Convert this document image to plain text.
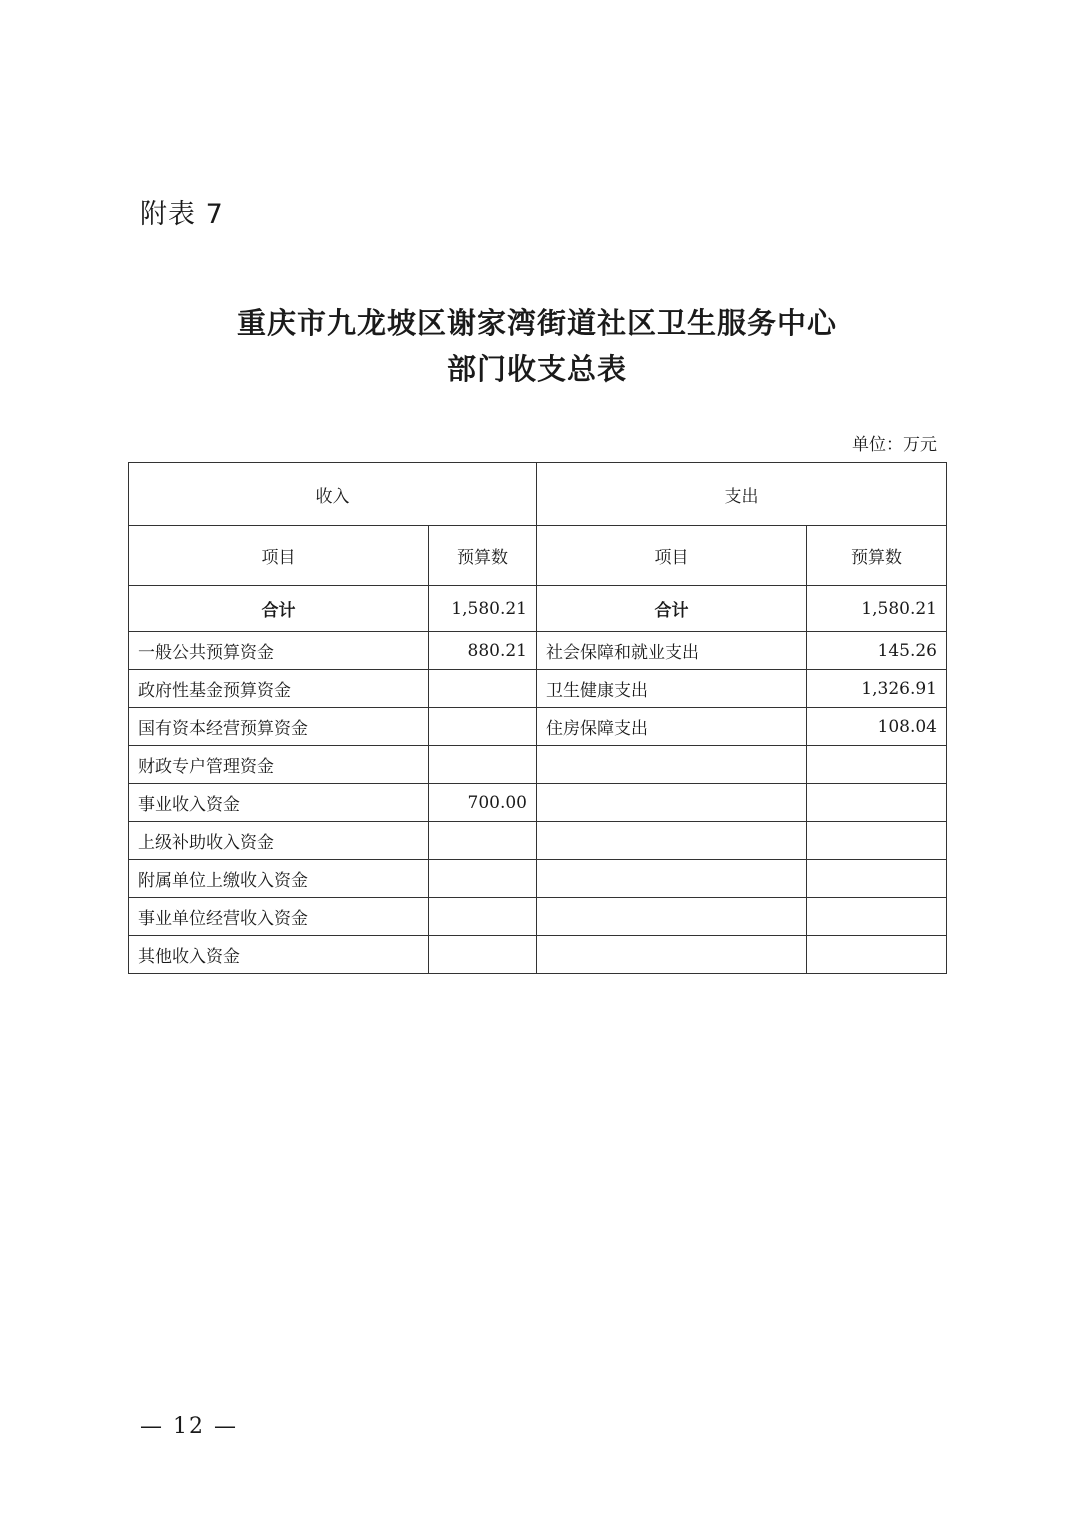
附表 7
重庆市九龙坡区谢家湾街道社区卫生服务中心
部门收支总表
单位：万元
收入		支出	
项目	预算数	项目	预算数
合计	1,580.21	合计	1,580.21
一般公共预算资金	880.21	社会保障和就业支出	145.26
政府性基金预算资金		卫生健康支出	1,326.91
国有资本经营预算资金		住房保障支出	108.04
财政专户管理资金			
事业收入资金	700.00		
上级补助收入资金			
附属单位上缴收入资金			
事业单位经营收入资金			
其他收入资金			
— 12 —
